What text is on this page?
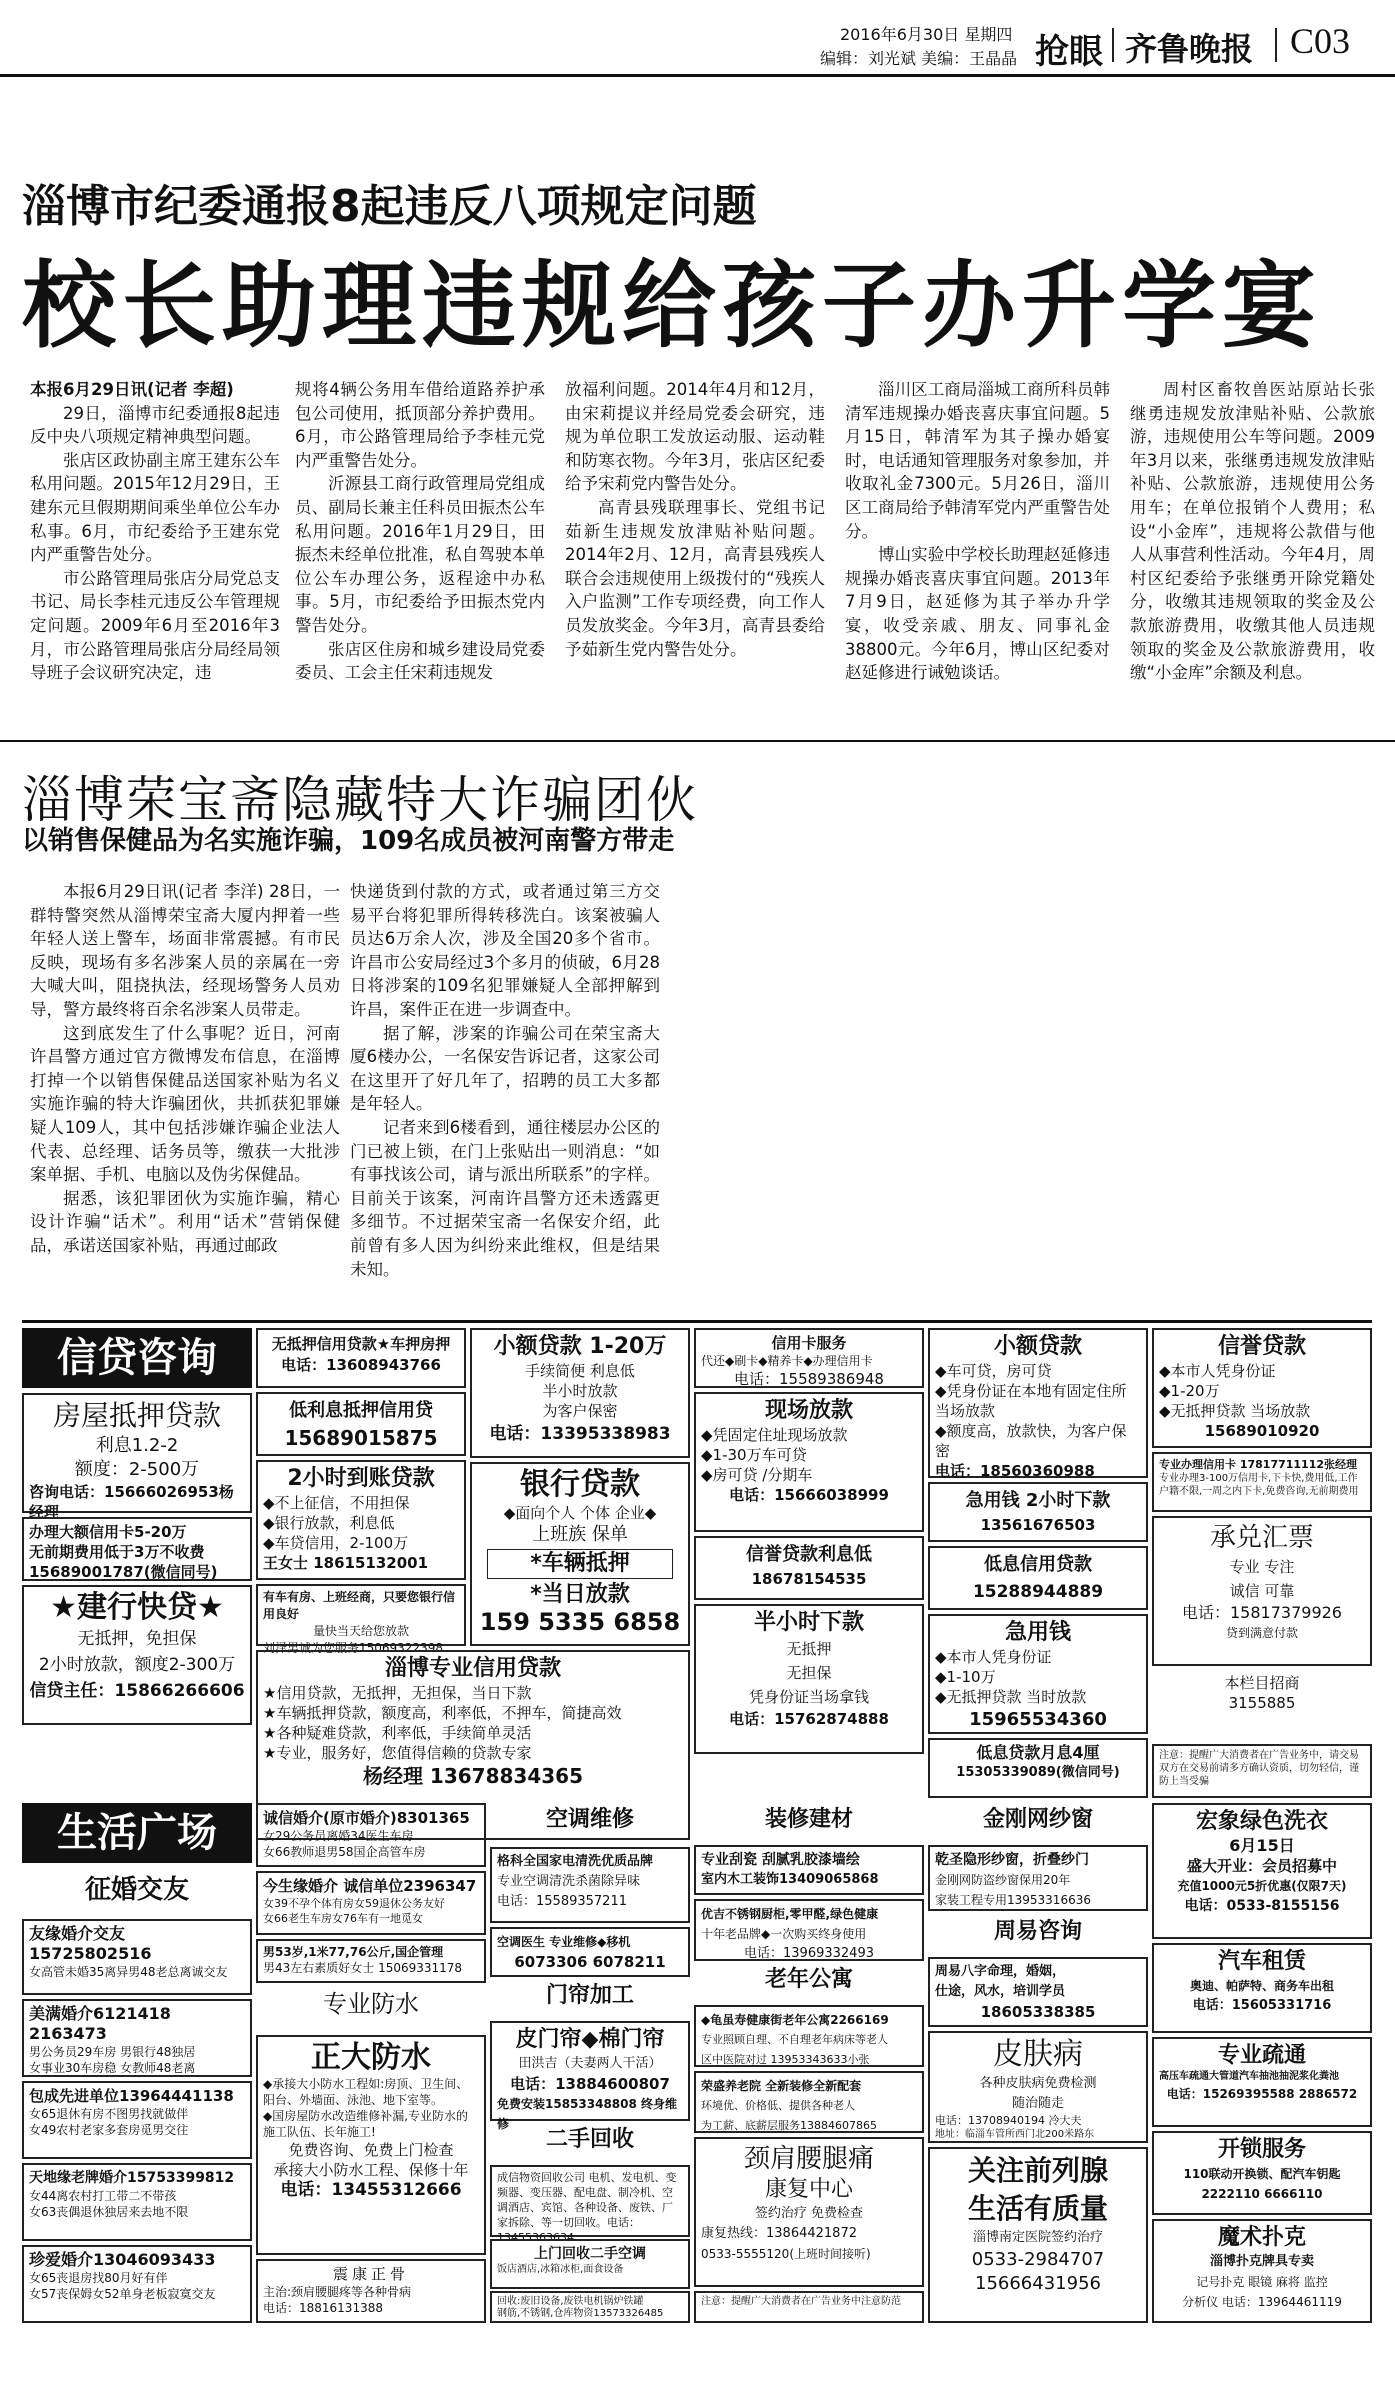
2016年6月30日 星期四
编辑：刘光斌 美编：王晶晶 抢眼 齐鲁晚报 C03
淄博市纪委通报8起违反八项规定问题
校长助理违规给孩子办升学宴

本报6月29日讯(记者 李超)

29日，淄博市纪委通报8起违反中央八项规定精神典型问题。

张店区政协副主席王建东公车私用问题。2015年12月29日，王建东元旦假期期间乘坐单位公车办私事。6月，市纪委给予王建东党内严重警告处分。

市公路管理局张店分局党总支书记、局长李桂元违反公车管理规定问题。2009年6月至2016年3月，市公路管理局张店分局经局领导班子会议研究决定，违

规将4辆公务用车借给道路养护承包公司使用，抵顶部分养护费用。6月，市公路管理局给予李桂元党内严重警告处分。

沂源县工商行政管理局党组成员、副局长兼主任科员田振杰公车私用问题。2016年1月29日，田振杰未经单位批准，私自驾驶本单位公车办理公务，返程途中办私事。5月，市纪委给予田振杰党内警告处分。

张店区住房和城乡建设局党委委员、工会主任宋莉违规发

放福利问题。2014年4月和12月，由宋莉提议并经局党委会研究，违规为单位职工发放运动服、运动鞋和防寒衣物。今年3月，张店区纪委给予宋莉党内警告处分。

高青县残联理事长、党组书记茹新生违规发放津贴补贴问题。2014年2月、12月，高青县残疾人联合会违规使用上级拨付的“残疾人入户监测”工作专项经费，向工作人员发放奖金。今年3月，高青县委给予茹新生党内警告处分。

淄川区工商局淄城工商所科员韩清军违规操办婚丧喜庆事宜问题。5月15日，韩清军为其子操办婚宴时，电话通知管理服务对象参加，并收取礼金7300元。5月26日，淄川区工商局给予韩清军党内严重警告处分。

博山实验中学校长助理赵延修违规操办婚丧喜庆事宜问题。2013年7月9日，赵延修为其子举办升学宴，收受亲戚、朋友、同事礼金38800元。今年6月，博山区纪委对赵延修进行诫勉谈话。

周村区畜牧兽医站原站长张继勇违规发放津贴补贴、公款旅游，违规使用公车等问题。2009年3月以来，张继勇违规发放津贴补贴、公款旅游，违规使用公务用车；在单位报销个人费用；私设“小金库”，违规将公款借与他人从事营利性活动。今年4月，周村区纪委给予张继勇开除党籍处分，收缴其违规领取的奖金及公款旅游费用，收缴其他人员违规领取的奖金及公款旅游费用，收缴“小金库”余额及利息。

淄博荣宝斋隐藏特大诈骗团伙
以销售保健品为名实施诈骗，109名成员被河南警方带走

本报6月29日讯(记者 李洋) 28日，一群特警突然从淄博荣宝斋大厦内押着一些年轻人送上警车，场面非常震撼。有市民反映，现场有多名涉案人员的亲属在一旁大喊大叫，阻挠执法，经现场警务人员劝导，警方最终将百余名涉案人员带走。

这到底发生了什么事呢？近日，河南许昌警方通过官方微博发布信息，在淄博打掉一个以销售保健品送国家补贴为名义实施诈骗的特大诈骗团伙，共抓获犯罪嫌疑人109人，其中包括涉嫌诈骗企业法人代表、总经理、话务员等，缴获一大批涉案单据、手机、电脑以及伪劣保健品。

据悉，该犯罪团伙为实施诈骗，精心设计诈骗“话术”。利用“话术”营销保健品，承诺送国家补贴，再通过邮政

快递货到付款的方式，或者通过第三方交易平台将犯罪所得转移洗白。该案被骗人员达6万余人次，涉及全国20多个省市。许昌市公安局经过3个多月的侦破，6月28日将涉案的109名犯罪嫌疑人全部押解到许昌，案件正在进一步调查中。

据了解，涉案的诈骗公司在荣宝斋大厦6楼办公，一名保安告诉记者，这家公司在这里开了好几年了，招聘的员工大多都是年轻人。

记者来到6楼看到，通往楼层办公区的门已被上锁，在门上张贴出一则消息：“如有事找该公司，请与派出所联系”的字样。目前关于该案，河南许昌警方还未透露更多细节。不过据荣宝斋一名保安介绍，此前曾有多人因为纠纷来此维权，但是结果未知。

信贷咨询
房屋抵押贷款
利息1.2-2
额度：2-500万
咨询电话：15666026953杨经理
办理大额信用卡5-20万
无前期费用低于3万不收费
15689001787(微信同号)
★建行快贷★
无抵押，免担保
2小时放款，额度2-300万
信贷主任：15866266606
无抵押信用贷款★车押房押
电话：13608943766
低利息抵押信用贷
15689015875
2小时到账贷款
◆不上征信，不用担保
◆银行放款，利息低
◆车贷信用，2-100万
王女士 18615132001
有车有房、上班经商，只要您银行信用良好
量快当天给您放款
刘泽男诚为您服务15069322398
小额贷款 1-20万
手续简便 利息低
半小时放款
为客户保密
电话：13395338983
银行贷款
◆面向个人 个体 企业◆
上班族 保单
*车辆抵押
*当日放款
159 5335 6858
淄博专业信用贷款
★信用贷款，无抵押，无担保，当日下款
★车辆抵押贷款，额度高，利率低，不押车，简捷高效
★各种疑难贷款，利率低，手续简单灵活
★专业，服务好，您值得信赖的贷款专家
杨经理 13678834365
信用卡服务
代还◆刷卡◆精养卡◆办理信用卡
电话：15589386948
现场放款
◆凭固定住址现场放款
◆1-30万车可贷
◆房可贷 /分期车
电话：15666038999
信誉贷款利息低
18678154535
半小时下款
无抵押
无担保
凭身份证当场拿钱
电话：15762874888
小额贷款
◆车可贷，房可贷
◆凭身份证在本地有固定住所当场放款
◆额度高，放款快，为客户保密
电话：18560360988
急用钱 2小时下款
13561676503
低息信用贷款
15288944889
急用钱
◆本市人凭身份证
◆1-10万
◆无抵押贷款 当时放款
15965534360
低息贷款月息4厘
15305339089(微信同号)
信誉贷款
◆本市人凭身份证
◆1-20万
◆无抵押贷款 当场放款
15689010920
专业办理信用卡 17817711112张经理
专业办理3-100万信用卡,下卡快,费用低,工作户籍不限,一周之内下卡,免费咨询,无前期费用
承兑汇票
专业 专注
诚信 可靠
电话：15817379926
贷到满意付款
本栏目招商
3155885
注意：提醒广大消费者在广告业务中，请交易双方在交易前请多方确认资质，切勿轻信，谨防上当受骗
生活广场
征婚交友
友缘婚介交友15725802516
女高管未婚35离异男48老总离诚交友
美满婚介6121418 2163473
男公务员29车房 男银行48独居
女事业30车房稳 女教师48老离
包成先进单位13964441138
女65退休有房不图男找就做伴
女49农村老家多套房觅男交往
天地缘老牌婚介15753399812
女44离农村打工带二不带孩
女63丧偶退休独居来去地不限
珍爱婚介13046093433
女65丧退房找80月好有伴
女57丧保姆女52单身老板寂寞交友
诚信婚介(原市婚介)8301365
女29公务员离婚34医生车房
女66教师退男58国企高管车房
今生缘婚介 诚信单位2396347
女39不孕个体有房女59退休公务友好
女66老生车房女76车有一地觅女
男53岁,1米77,76公斤,国企管理
男43左右素质好女士 15069331178
专业防水
正大防水
◆承接大小防水工程如:房顶、卫生间、阳台、外墙面、泳池、地下室等。
◆国房屋防水改造维修补漏,专业防水的施工队伍、长年施工!
免费咨询、免费上门检查
承接大小防水工程、保修十年
电话：13455312666
震康正骨
主治:颈肩腰腿疼等各种骨病
电话：18816131388
空调维修
格科全国家电清洗优质品牌
专业空调清洗杀菌除异味
电话：15589357211
空调医生 专业维修◆移机
6073306 6078211
门帘加工
皮门帘◆棉门帘
田洪吉（夫妻两人干活）
电话：13884600807
免费安装15853348808 终身维修
二手回收
成信物资回收公司 电机、发电机、变频器、变压器、配电盘、制冷机、空调酒店、宾馆、各种设备、废铁、厂家拆除、等一切回收。电话：13455363634
上门回收二手空调
饭店酒店,冰箱冰柜,面食设备
回收:废旧设备,废铁电机锅炉铁罐
钢筋,不锈钢,仓库物资13573326485
装修建材
专业刮瓷 刮腻乳胶漆墙绘
室内木工装饰13409065868
优吉不锈钢厨柜,零甲醛,绿色健康
十年老品牌◆一次购买终身使用
电话：13969332493
老年公寓
◆龟虽寿健康街老年公寓2266169
专业照顾自理、不自理老年病床等老人
区中医院对过 13953343633小张
荣盛养老院 全新装修全新配套
环境优、价格低、提供各种老人
为工薪、底薪层服务13884607865
颈肩腰腿痛
康复中心
签约治疗 免费检查
康复热线：13864421872
0533-5555120(上班时间接听)
注意：提醒广大消费者在广告业务中注意防范
金刚网纱窗
乾圣隐形纱窗，折叠纱门
金刚网防盗纱窗保用20年
家装工程专用13953316636
周易咨询
周易八字命理，婚姻，
仕途，风水，培训学员
18605338385
皮肤病
各种皮肤病免费检测
随治随走
电话：13708940194 冷大夫
地址：临淄车管所西门北200米路东
关注前列腺
生活有质量
淄博南定医院签约治疗
0533-2984707
15666431956
宏象绿色洗衣
6月15日
盛大开业：会员招募中
充值1000元5折优惠(仅限7天)
电话：0533-8155156
汽车租赁
奥迪、帕萨特、商务车出租
电话：15605331716
专业疏通
高压车疏通大管道汽车抽池抽泥浆化粪池
电话：15269395588 2886572
开锁服务
110联动开换锁、配汽车钥匙
2222110 6666110
魔术扑克
淄博扑克牌具专卖
记号扑克 眼镜 麻将 监控
分析仪 电话：13964461119
